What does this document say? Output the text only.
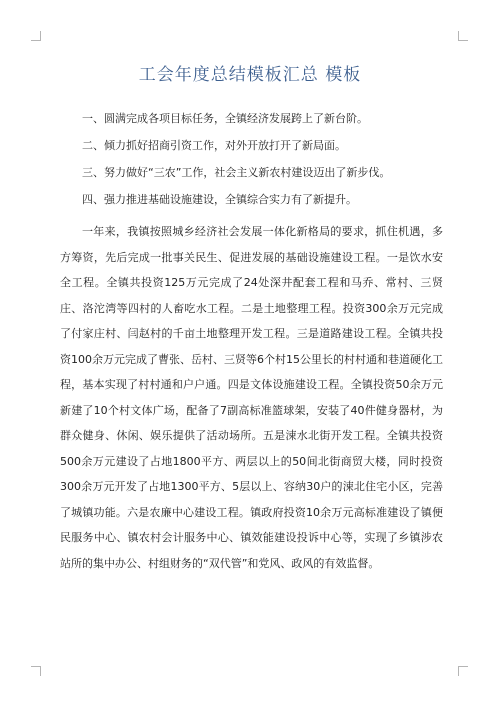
工会年度总结模板汇总 模板

一、圆满完成各项目标任务，全镇经济发展跨上了新台阶。

二、倾力抓好招商引资工作，对外开放打开了新局面。

三、努力做好“三农”工作，社会主义新农村建设迈出了新步伐。

四、强力推进基础设施建设，全镇综合实力有了新提升。

一年来，我镇按照城乡经济社会发展一体化新格局的要求，抓住机遇，多方筹资，先后完成一批事关民生、促进发展的基础设施建设工程。一是饮水安全工程。全镇共投资125万元完成了24处深井配套工程和马乔、常村、三贤庄、洛沱湾等四村的人畜吃水工程。二是土地整理工程。投资300余万元完成了付家庄村、闫赵村的千亩土地整理开发工程。三是道路建设工程。全镇共投资100余万元完成了曹张、岳村、三贤等6个村15公里长的村村通和巷道硬化工程，基本实现了村村通和户户通。四是文体设施建设工程。全镇投资50余万元新建了10个村文体广场，配备了7副高标准篮球架，安装了40件健身器材，为群众健身、休闲、娱乐提供了活动场所。五是涑水北街开发工程。全镇共投资500余万元建设了占地1800平方、两层以上的50间北街商贸大楼，同时投资300余万元开发了占地1300平方、5层以上、容纳30户的涑北住宅小区，完善了城镇功能。六是农廉中心建设工程。镇政府投资10余万元高标准建设了镇便民服务中心、镇农村会计服务中心、镇效能建设投诉中心等，实现了乡镇涉农站所的集中办公、村组财务的“双代管”和党风、政风的有效监督。
